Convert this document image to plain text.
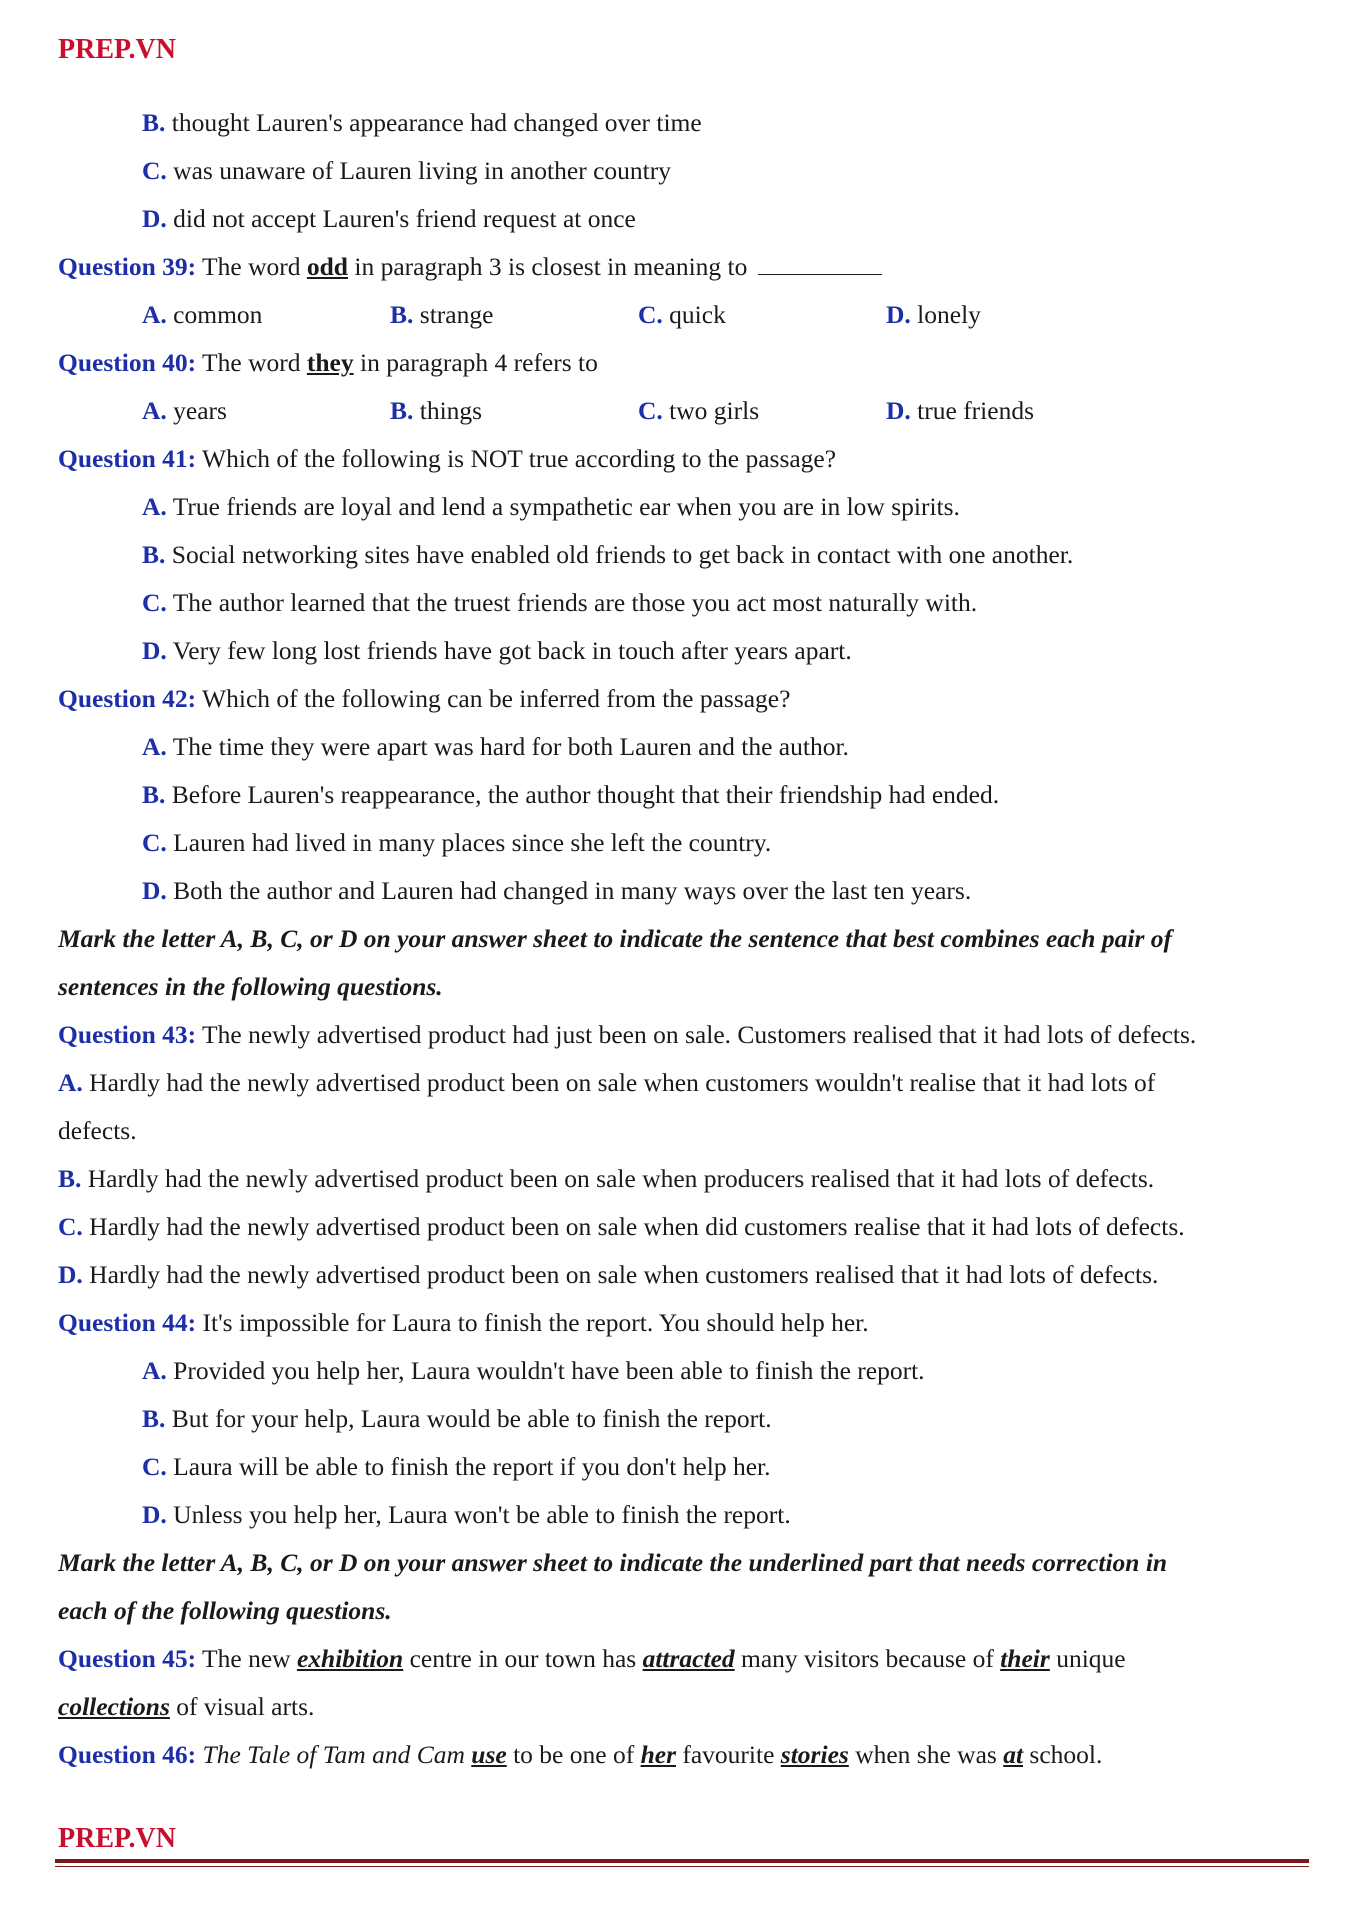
PREP.VN
B. thought Lauren's appearance had changed over time
C. was unaware of Lauren living in another country
D. did not accept Lauren's friend request at once
Question 39: The word odd in paragraph 3 is closest in meaning to
A. common	B. strange	C. quick	D. lonely
Question 40: The word they in paragraph 4 refers to
A. years	B. things	C. two girls	D. true friends
Question 41: Which of the following is NOT true according to the passage?
A. True friends are loyal and lend a sympathetic ear when you are in low spirits.
B. Social networking sites have enabled old friends to get back in contact with one another.
C. The author learned that the truest friends are those you act most naturally with.
D. Very few long lost friends have got back in touch after years apart.
Question 42: Which of the following can be inferred from the passage?
A. The time they were apart was hard for both Lauren and the author.
B. Before Lauren's reappearance, the author thought that their friendship had ended.
C. Lauren had lived in many places since she left the country.
D. Both the author and Lauren had changed in many ways over the last ten years.
Mark the letter A, B, C, or D on your answer sheet to indicate the sentence that best combines each pair of
sentences in the following questions.
Question 43: The newly advertised product had just been on sale. Customers realised that it had lots of defects.
A. Hardly had the newly advertised product been on sale when customers wouldn't realise that it had lots of
defects.
B. Hardly had the newly advertised product been on sale when producers realised that it had lots of defects.
C. Hardly had the newly advertised product been on sale when did customers realise that it had lots of defects.
D. Hardly had the newly advertised product been on sale when customers realised that it had lots of defects.
Question 44: It's impossible for Laura to finish the report. You should help her.
A. Provided you help her, Laura wouldn't have been able to finish the report.
B. But for your help, Laura would be able to finish the report.
C. Laura will be able to finish the report if you don't help her.
D. Unless you help her, Laura won't be able to finish the report.
Mark the letter A, B, C, or D on your answer sheet to indicate the underlined part that needs correction in
each of the following questions.
Question 45: The new exhibition centre in our town has attracted many visitors because of their unique
collections of visual arts.
Question 46: The Tale of Tam and Cam use to be one of her favourite stories when she was at school.
PREP.VN
